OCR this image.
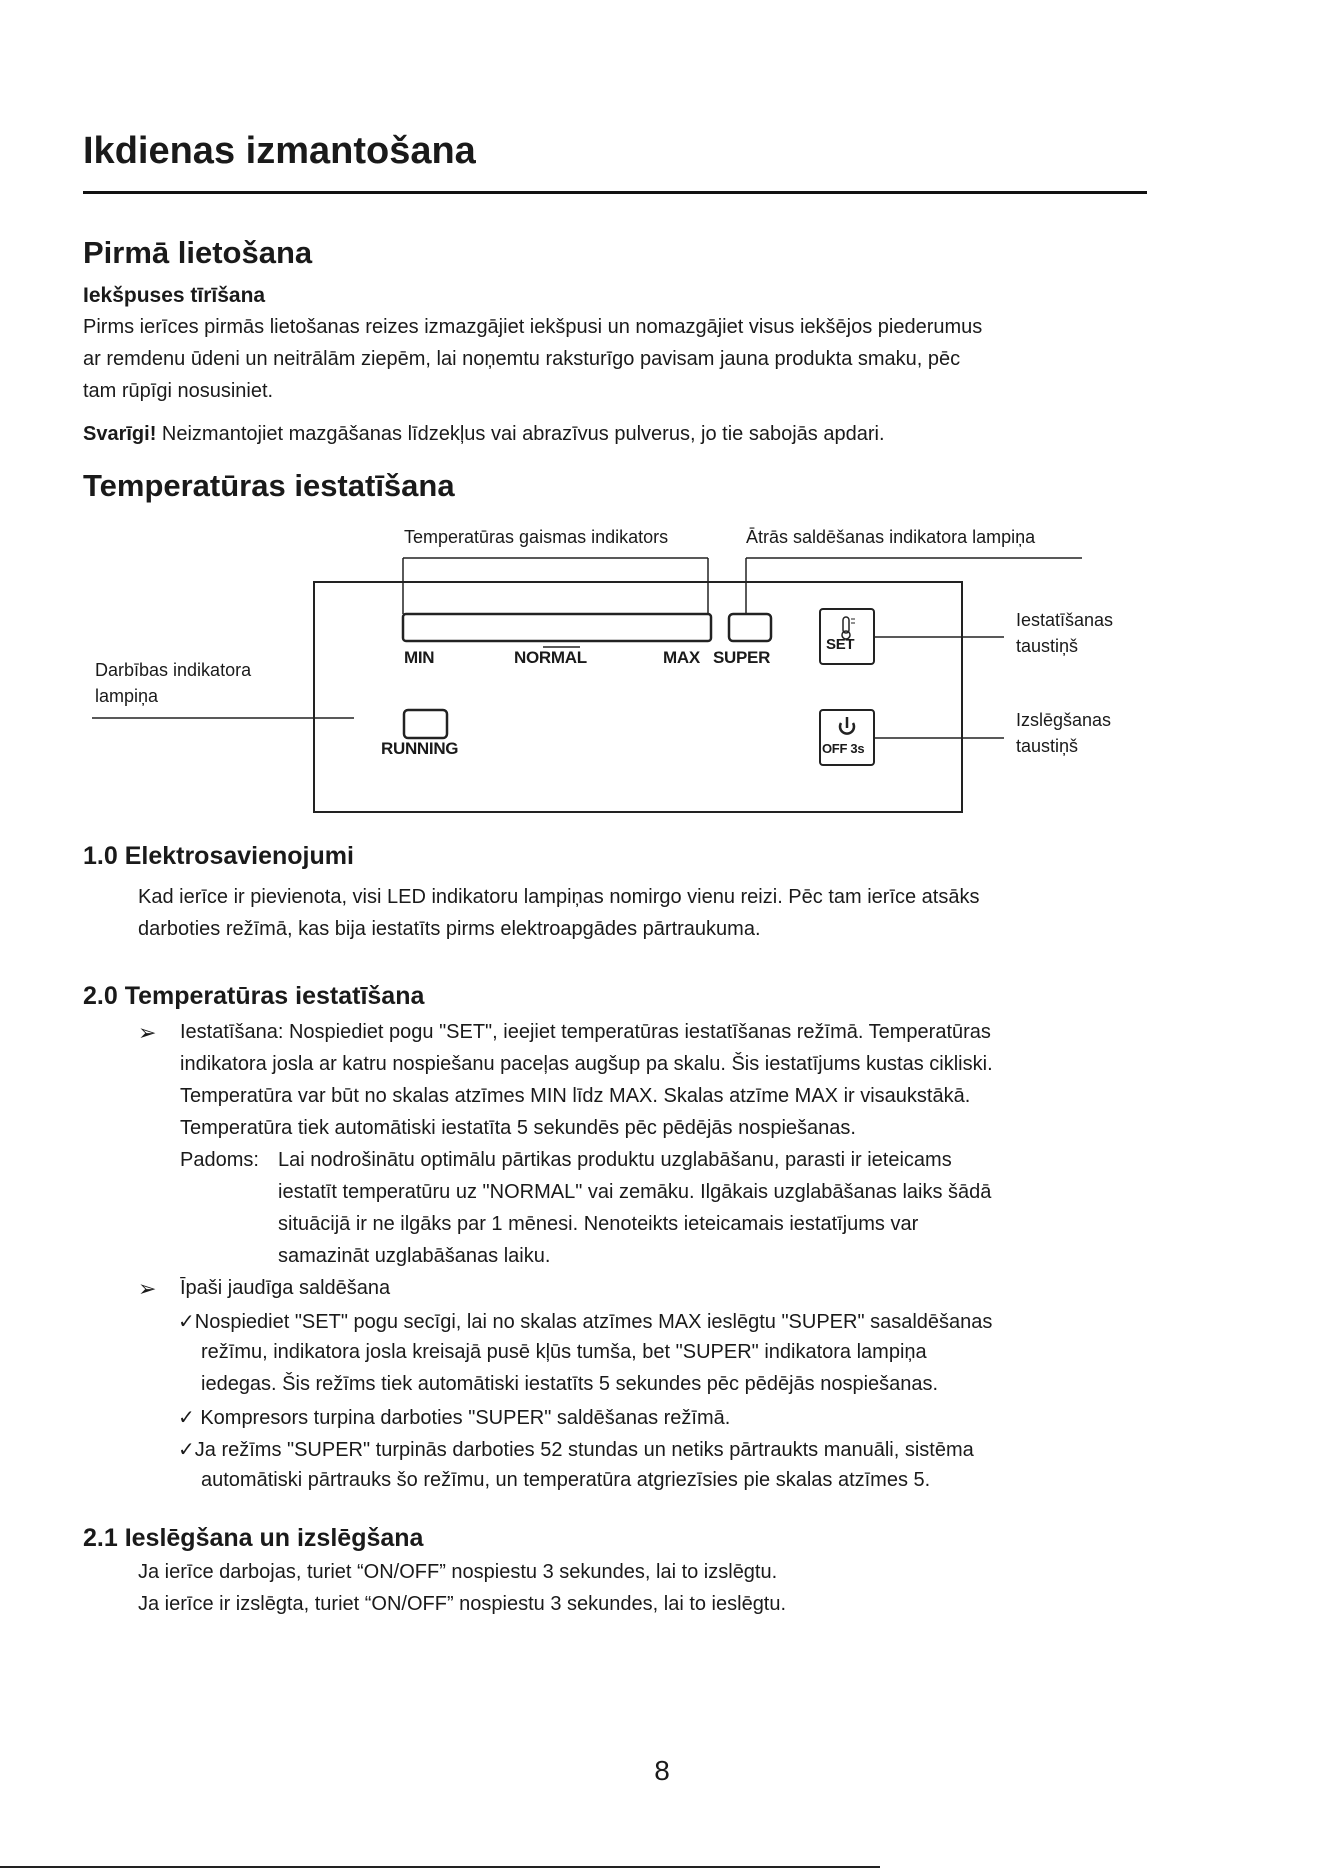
Ikdienas izmantošana
Pirmā lietošana
Iekšpuses tīrīšana
Pirms ierīces pirmās lietošanas reizes izmazgājiet iekšpusi un nomazgājiet visus iekšējos piederumus
ar remdenu ūdeni un neitrālām ziepēm, lai noņemtu raksturīgo pavisam jauna produkta smaku, pēc
tam rūpīgi nosusiniet.
Svarīgi! Neizmantojiet mazgāšanas līdzekļus vai abrazīvus pulverus, jo tie sabojās apdari.
Temperatūras iestatīšana
Temperatūras gaismas indikators	Ātrās saldēšanas indikatora lampiņa
Darbības indikatora
lampiņa
Iestatīšanas
taustiņš
Izslēgšanas
taustiņš
MIN	NORMAL	MAX SUPER
RUNNING
SET
OFF 3s
1.0 Elektrosavienojumi
Kad ierīce ir pievienota, visi LED indikatoru lampiņas nomirgo vienu reizi. Pēc tam ierīce atsāks
darboties režīmā, kas bija iestatīts pirms elektroapgādes pārtraukuma.
2.0 Temperatūras iestatīšana
➢ Iestatīšana: Nospiediet pogu "SET", ieejiet temperatūras iestatīšanas režīmā. Temperatūras
indikatora josla ar katru nospiešanu paceļas augšup pa skalu. Šis iestatījums kustas cikliski.
Temperatūra var būt no skalas atzīmes MIN līdz MAX. Skalas atzīme MAX ir visaukstākā.
Temperatūra tiek automātiski iestatīta 5 sekundēs pēc pēdējās nospiešanas.
Padoms: Lai nodrošinātu optimālu pārtikas produktu uzglabāšanu, parasti ir ieteicams
iestatīt temperatūru uz "NORMAL" vai zemāku. Ilgākais uzglabāšanas laiks šādā
situācijā ir ne ilgāks par 1 mēnesi. Nenoteikts ieteicamais iestatījums var
samazināt uzglabāšanas laiku.
➢ Īpaši jaudīga saldēšana
✓Nospiediet "SET" pogu secīgi, lai no skalas atzīmes MAX ieslēgtu "SUPER" sasaldēšanas
režīmu, indikatora josla kreisajā pusē kļūs tumša, bet "SUPER" indikatora lampiņa
iedegas. Šis režīms tiek automātiski iestatīts 5 sekundes pēc pēdējās nospiešanas.
✓ Kompresors turpina darboties "SUPER" saldēšanas režīmā.
✓Ja režīms "SUPER" turpinās darboties 52 stundas un netiks pārtraukts manuāli, sistēma
automātiski pārtrauks šo režīmu, un temperatūra atgriezīsies pie skalas atzīmes 5.
2.1 Ieslēgšana un izslēgšana
Ja ierīce darbojas, turiet “ON/OFF” nospiestu 3 sekundes, lai to izslēgtu.
Ja ierīce ir izslēgta, turiet “ON/OFF” nospiestu 3 sekundes, lai to ieslēgtu.
8
